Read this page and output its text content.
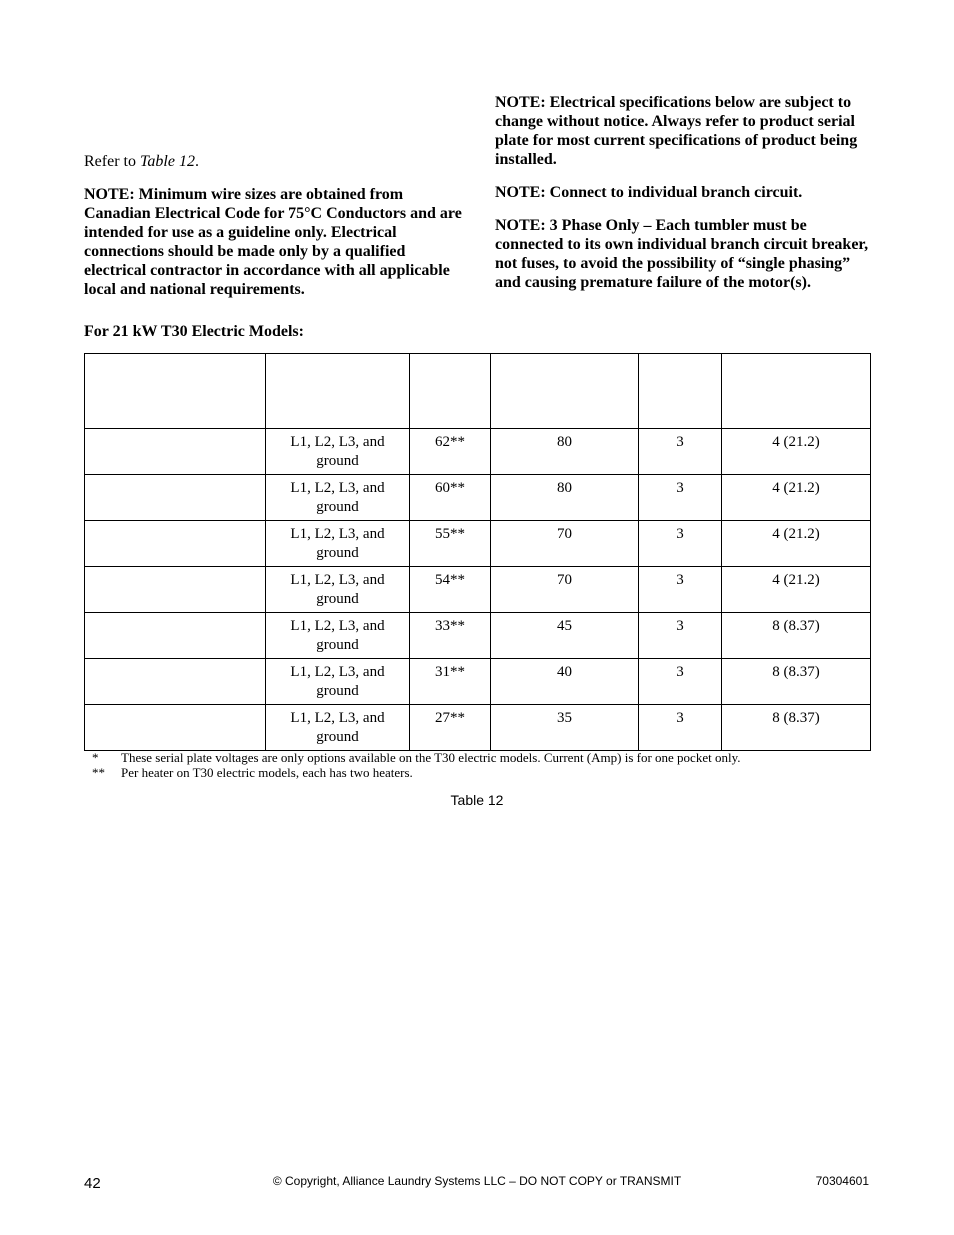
Refer to Table 12.

NOTE: Minimum wire sizes are obtained from Canadian Electrical Code for 75°C Conductors and are intended for use as a guideline only. Electrical connections should be made only by a qualified electrical contractor in accordance with all applicable local and national requirements.

NOTE: Electrical specifications below are subject to change without notice. Always refer to product serial plate for most current specifications of product being installed.

NOTE: Connect to individual branch circuit.

NOTE: 3 Phase Only – Each tumbler must be connected to its own individual branch circuit breaker, not fuses, to avoid the possibility of “single phasing” and causing premature failure of the motor(s).

For 21 kW T30 Electric Models:

	L1, L2, L3, and ground	62**	80	3	4 (21.2)
	L1, L2, L3, and ground	60**	80	3	4 (21.2)
	L1, L2, L3, and ground	55**	70	3	4 (21.2)
	L1, L2, L3, and ground	54**	70	3	4 (21.2)
	L1, L2, L3, and ground	33**	45	3	8 (8.37)
	L1, L2, L3, and ground	31**	40	3	8 (8.37)
	L1, L2, L3, and ground	27**	35	3	8 (8.37)
*	These serial plate voltages are only options available on the T30 electric models. Current (Amp) is for one pocket only.
**	Per heater on T30 electric models, each has two heaters.
Table 12
42	© Copyright, Alliance Laundry Systems LLC – DO NOT COPY or TRANSMIT	70304601
